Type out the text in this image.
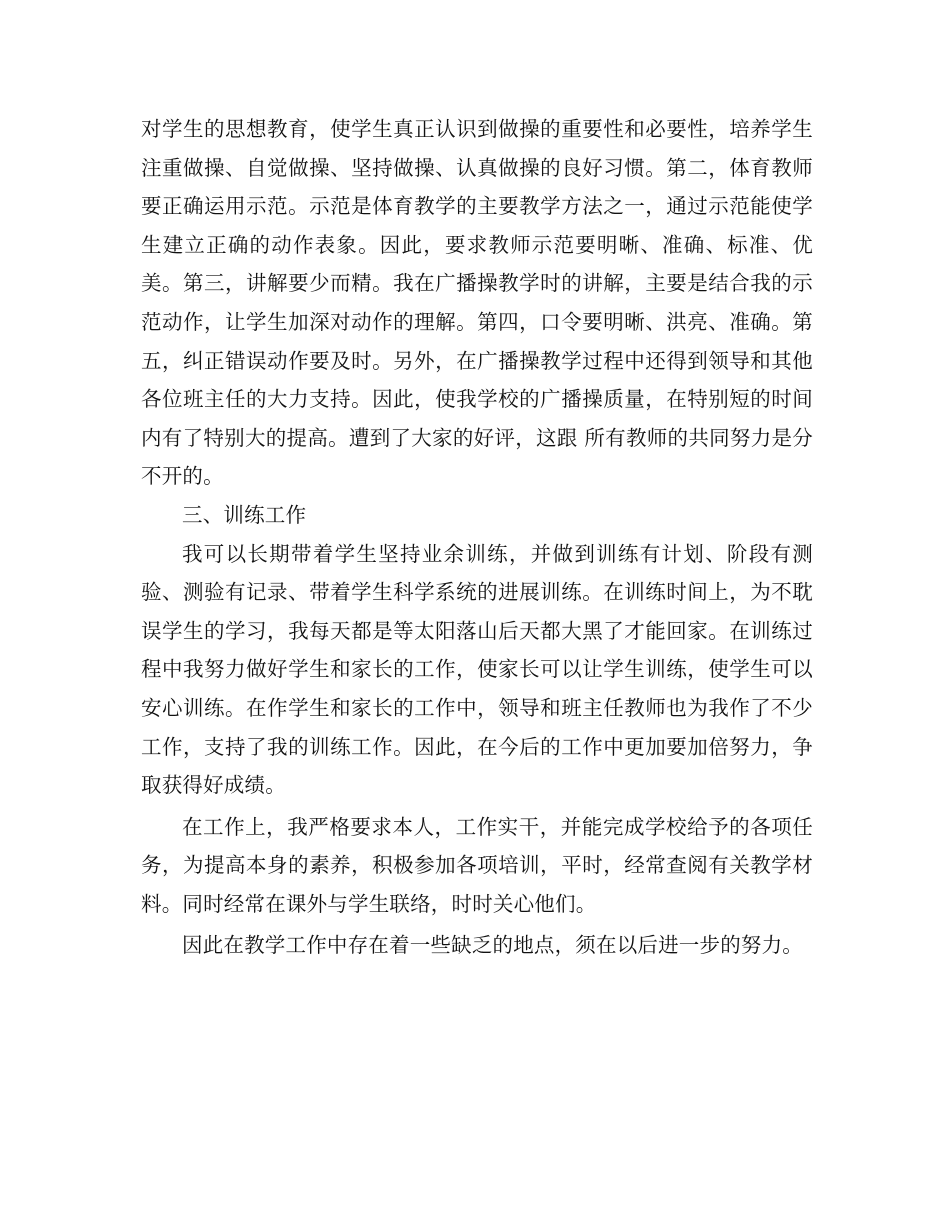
对学生的思想教育，使学生真正认识到做操的重要性和必要性，培养学生注重做操、自觉做操、坚持做操、认真做操的良好习惯。第二，体育教师要正确运用示范。示范是体育教学的主要教学方法之一，通过示范能使学生建立正确的动作表象。因此，要求教师示范要明晰、准确、标准、优美。第三，讲解要少而精。我在广播操教学时的讲解，主要是结合我的示范动作，让学生加深对动作的理解。第四，口令要明晰、洪亮、准确。第五，纠正错误动作要及时。另外，在广播操教学过程中还得到领导和其他各位班主任的大力支持。因此，使我学校的广播操质量，在特别短的时间内有了特别大的提高。遭到了大家的好评，这跟 所有教师的共同努力是分不开的。

三、训练工作

我可以长期带着学生坚持业余训练，并做到训练有计划、阶段有测验、测验有记录、带着学生科学系统的进展训练。在训练时间上，为不耽误学生的学习，我每天都是等太阳落山后天都大黑了才能回家。在训练过程中我努力做好学生和家长的工作，使家长可以让学生训练，使学生可以安心训练。在作学生和家长的工作中，领导和班主任教师也为我作了不少工作，支持了我的训练工作。因此，在今后的工作中更加要加倍努力，争取获得好成绩。

在工作上，我严格要求本人，工作实干，并能完成学校给予的各项任务，为提高本身的素养，积极参加各项培训，平时，经常查阅有关教学材料。同时经常在课外与学生联络，时时关心他们。

因此在教学工作中存在着一些缺乏的地点，须在以后进一步的努力。
